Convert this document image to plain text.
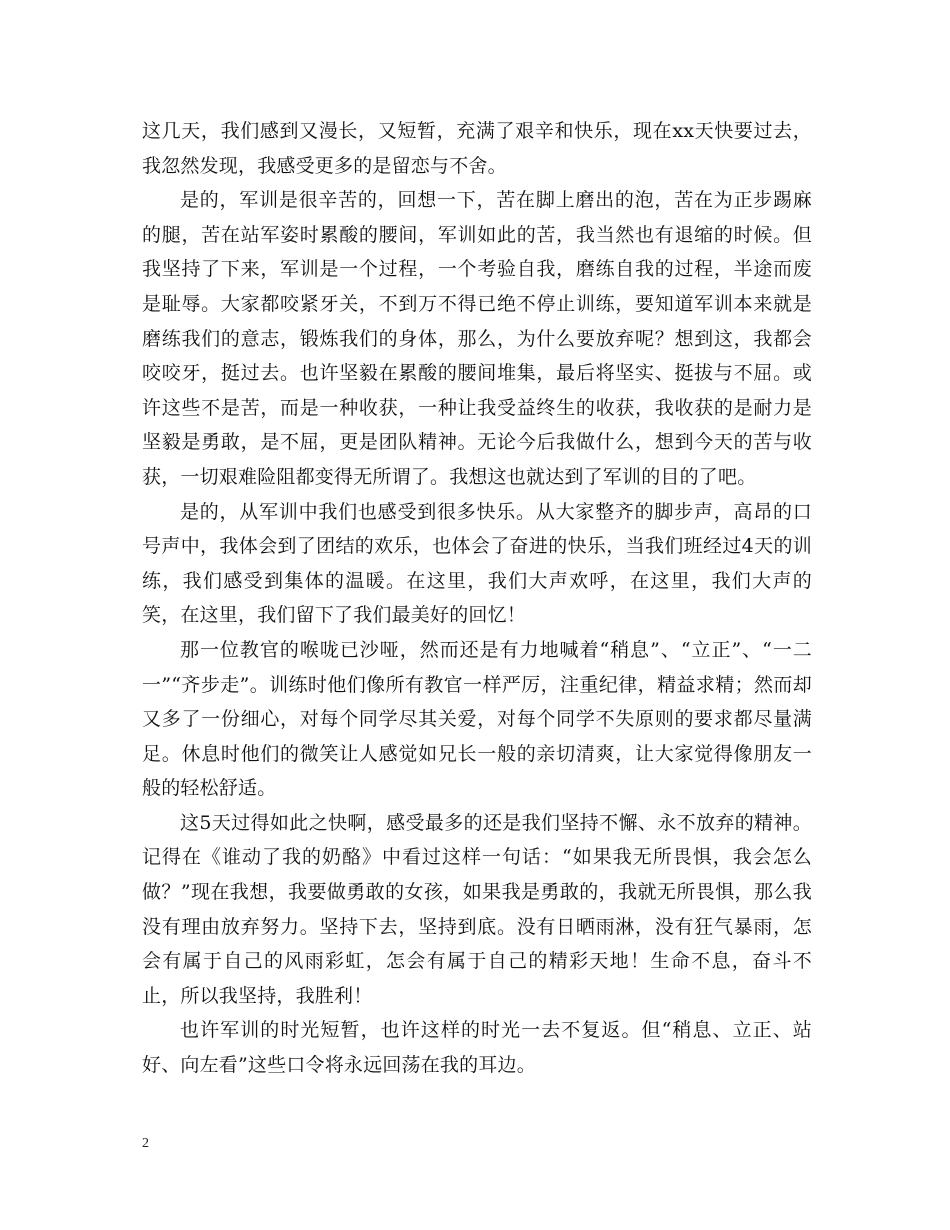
这几天，我们感到又漫长，又短暂，充满了艰辛和快乐，现在xx天快要过去，我忽然发现，我感受更多的是留恋与不舍。

是的，军训是很辛苦的，回想一下，苦在脚上磨出的泡，苦在为正步踢麻的腿，苦在站军姿时累酸的腰间，军训如此的苦，我当然也有退缩的时候。但我坚持了下来，军训是一个过程，一个考验自我，磨练自我的过程，半途而废是耻辱。大家都咬紧牙关，不到万不得已绝不停止训练，要知道军训本来就是磨练我们的意志，锻炼我们的身体，那么，为什么要放弃呢？想到这，我都会咬咬牙，挺过去。也许坚毅在累酸的腰间堆集，最后将坚实、挺拔与不屈。或许这些不是苦，而是一种收获，一种让我受益终生的收获，我收获的是耐力是坚毅是勇敢，是不屈，更是团队精神。无论今后我做什么，想到今天的苦与收获，一切艰难险阻都变得无所谓了。我想这也就达到了军训的目的了吧。

是的，从军训中我们也感受到很多快乐。从大家整齐的脚步声，高昂的口号声中，我体会到了团结的欢乐，也体会了奋进的快乐，当我们班经过4天的训练，我们感受到集体的温暖。在这里，我们大声欢呼，在这里，我们大声的笑，在这里，我们留下了我们最美好的回忆！

那一位教官的喉咙已沙哑，然而还是有力地喊着“稍息”、“立正”、“一二一”“齐步走”。训练时他们像所有教官一样严厉，注重纪律，精益求精；然而却又多了一份细心，对每个同学尽其关爱，对每个同学不失原则的要求都尽量满足。休息时他们的微笑让人感觉如兄长一般的亲切清爽，让大家觉得像朋友一般的轻松舒适。

这5天过得如此之快啊，感受最多的还是我们坚持不懈、永不放弃的精神。记得在《谁动了我的奶酪》中看过这样一句话：“如果我无所畏惧，我会怎么做？”现在我想，我要做勇敢的女孩，如果我是勇敢的，我就无所畏惧，那么我没有理由放弃努力。坚持下去，坚持到底。没有日晒雨淋，没有狂气暴雨，怎会有属于自己的风雨彩虹，怎会有属于自己的精彩天地！生命不息，奋斗不止，所以我坚持，我胜利！

也许军训的时光短暂，也许这样的时光一去不复返。但“稍息、立正、站好、向左看”这些口令将永远回荡在我的耳边。

2
